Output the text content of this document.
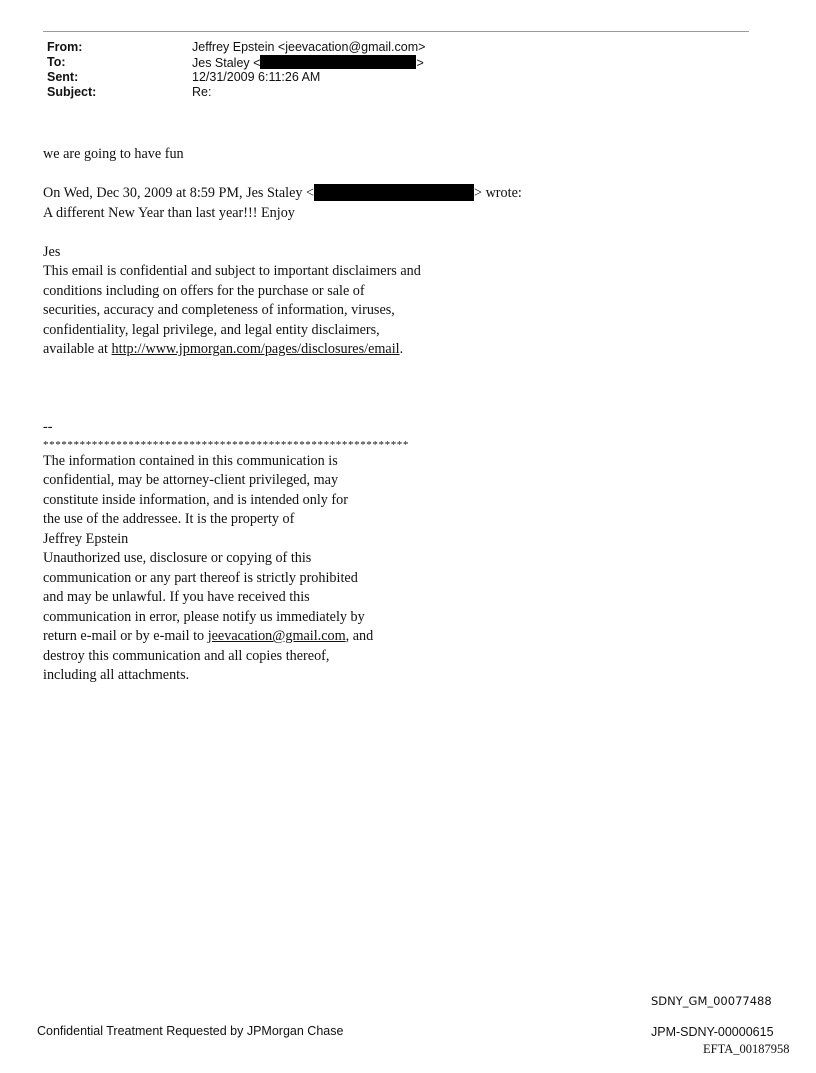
From:	Jeffrey Epstein <jeevacation@gmail.com>
To:	Jes Staley <	>
Sent:	12/31/2009 6:11:26 AM
Subject:	Re:
we are going to have fun
On Wed, Dec 30, 2009 at 8:59 PM, Jes Staley <	> wrote:
A different New Year than last year!!! Enjoy
Jes
This email is confidential and subject to important disclaimers and
conditions including on offers for the purchase or sale of
securities, accuracy and completeness of information, viruses,
confidentiality, legal privilege, and legal entity disclaimers,
available at http://www.jpmorgan.com/pages/disclosures/email.
--
************************************************************
The information contained in this communication is
confidential, may be attorney-client privileged, may
constitute inside information, and is intended only for
the use of the addressee. It is the property of
Jeffrey Epstein
Unauthorized use, disclosure or copying of this
communication or any part thereof is strictly prohibited
and may be unlawful. If you have received this
communication in error, please notify us immediately by
return e-mail or by e-mail to jeevacation@gmail.com, and
destroy this communication and all copies thereof,
including all attachments.
SDNY_GM_00077488
Confidential Treatment Requested by JPMorgan Chase	JPM-SDNY-00000615
EFTA_00187958
